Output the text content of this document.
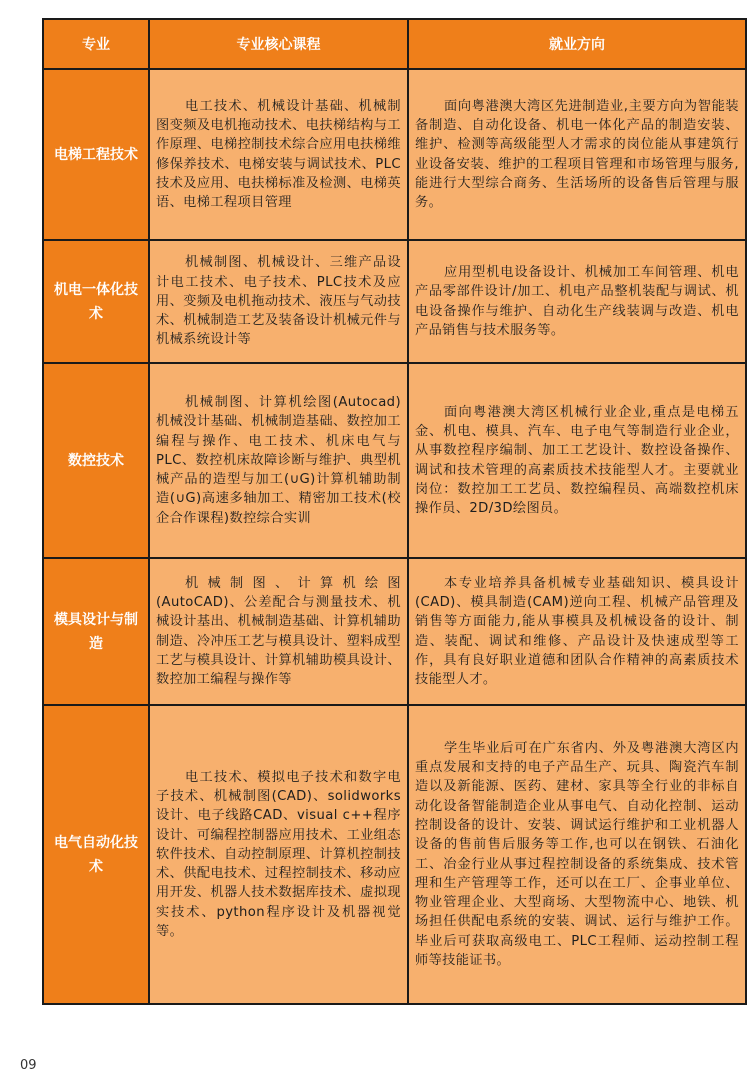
专业	专业核心课程	就业方向
电梯工程技术
电工技术、机械设计基础、机械制图变频及电机拖动技术、电扶梯结构与工作原理、电梯控制技术综合应用电扶梯维修保养技术、电梯安装与调试技术、PLC技术及应用、电扶梯标准及检测、电梯英语、电梯工程项目管理
面向粤港澳大湾区先进制造业,主要方向为智能装备制造、自动化设备、机电一体化产品的制造安装、维护、检测等高级能型人才需求的岗位能从事建筑行业设备安装、维护的工程项目管理和市场管理与服务,能进行大型综合商务、生活场所的设备售后管理与服务。
机电一体化技术
机械制图、机械设计、三维产品设计电工技术、电子技术、PLC技术及应用、变频及电机拖动技术、液压与气动技术、机械制造工艺及装备设计机械元件与机械系统设计等
应用型机电设备设计、机械加工车间管理、机电产品零部件设计/加工、机电产品整机装配与调试、机电设备操作与维护、自动化生产线装调与改造、机电产品销售与技术服务等。
数控技术
机械制图、计算机绘图(Autocad)机械没计基础、机械制造基础、数控加工编程与操作、电工技术、机床电气与PLC、数控机床故障诊断与维护、典型机械产品的造型与加工(∪G)计算机辅助制造(∪G)高速多轴加工、精密加工技术(校企合作课程)数控综合实训
面向粤港澳大湾区机械行业企业,重点是电梯五金、机电、模具、汽车、电子电气等制造行业企业，从事数控程序编制、加工工艺设计、数控设备操作、调试和技术管理的高素质技术技能型人才。主要就业岗位：数控加工工艺员、数控编程员、高端数控机床操作员、2D/3D绘图员。
模具设计与制造
机械制图、计算机绘图(AutoCAD)、公差配合与测量技术、机械设计基出、机械制造基础、计算机辅助制造、冷冲压工艺与模具设计、塑料成型工艺与模具设计、计算机辅助模具设计、数控加工编程与操作等
本专业培养具备机械专业基础知识、模具设计(CAD)、模具制造(CAM)逆向工程、机械产品管理及销售等方面能力,能从事模具及机械设备的设计、制造、装配、调试和维修、产品设计及快速成型等工作，具有良好职业道德和团队合作精神的高素质技术技能型人才。
电气自动化技术
电工技术、模拟电子技术和数字电子技术、机械制图(CAD)、solidworks设计、电子线路CAD、visual c++程序设计、可编程控制器应用技术、工业组态软件技术、自动控制原理、计算机控制技术、供配电技术、过程控制技术、移动应用开发、机器人技术数据库技术、虚拟现实技术、python程序设计及机器视觉等。
学生毕业后可在广东省内、外及粤港澳大湾区内重点发展和支持的电子产品生产、玩具、陶瓷汽车制造以及新能源、医药、建材、家具等全行业的非标自动化设备智能制造企业从事电气、自动化控制、运动控制设备的设计、安装、调试运行维护和工业机器人设备的售前售后服务等工作,也可以在钢铁、石油化工、冶金行业从事过程控制设备的系统集成、技术管理和生产管理等工作，还可以在工厂、企事业单位、物业管理企业、大型商场、大型物流中心、地铁、机场担任供配电系统的安装、调试、运行与维护工作。毕业后可获取高级电工、PLC工程师、运动控制工程师等技能证书。
09
